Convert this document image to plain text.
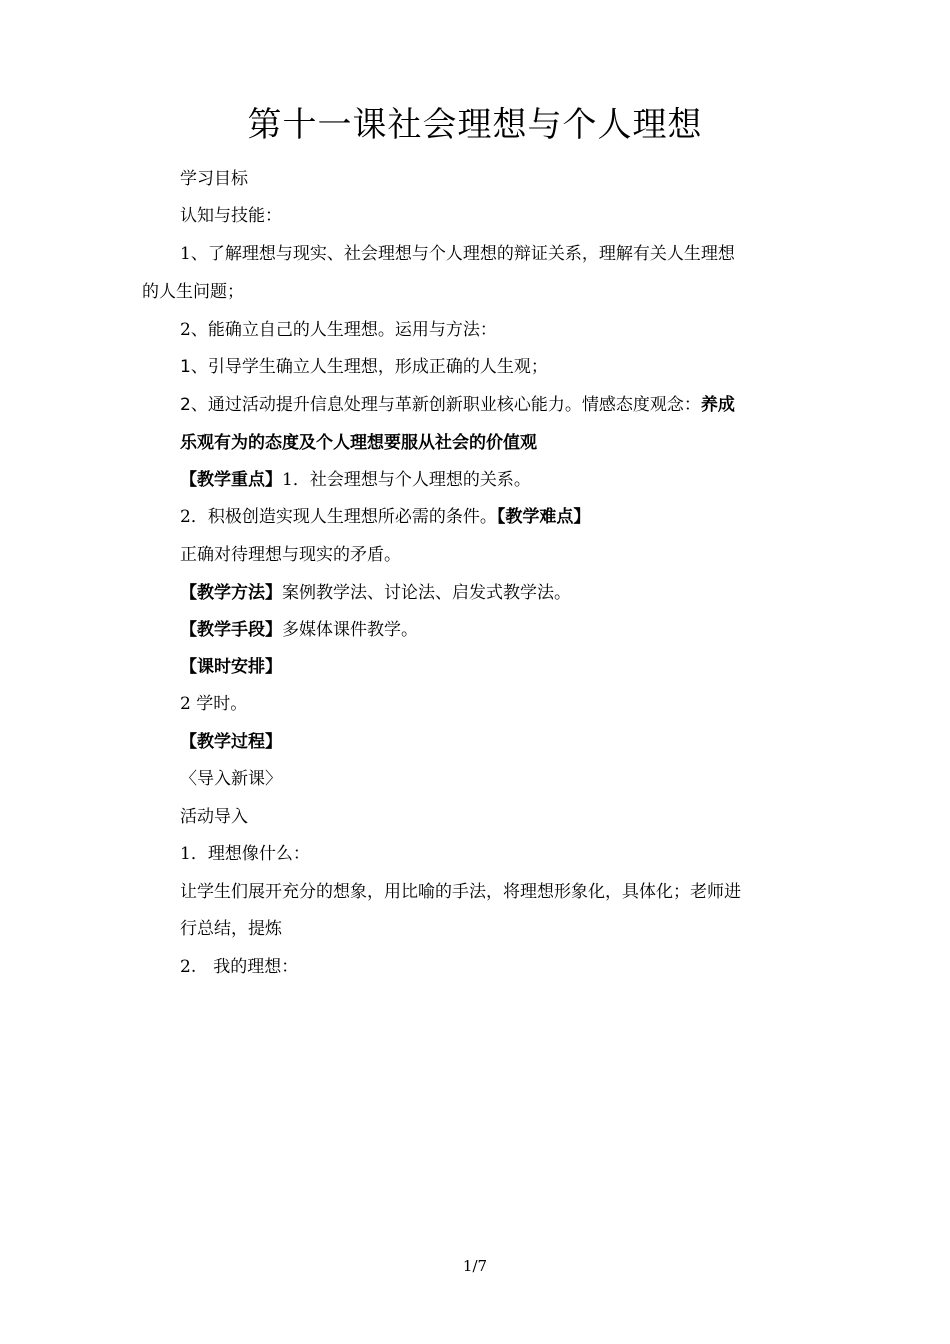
第十一课社会理想与个人理想
学习目标
认知与技能：
1、了解理想与现实、社会理想与个人理想的辩证关系，理解有关人生理想
的人生问题；
2、能确立自己的人生理想。运用与方法：
1、引导学生确立人生理想，形成正确的人生观；
2、通过活动提升信息处理与革新创新职业核心能力。情感态度观念：养成
乐观有为的态度及个人理想要服从社会的价值观
【教学重点】1．社会理想与个人理想的关系。
2．积极创造实现人生理想所必需的条件。【教学难点】
正确对待理想与现实的矛盾。
【教学方法】案例教学法、讨论法、启发式教学法。
【教学手段】多媒体课件教学。
【课时安排】
2 学时。
【教学过程】
〈导入新课〉
活动导入
1．理想像什么：
让学生们展开充分的想象，用比喻的手法，将理想形象化，具体化；老师进
行总结，提炼
2.　我的理想：
1/7
